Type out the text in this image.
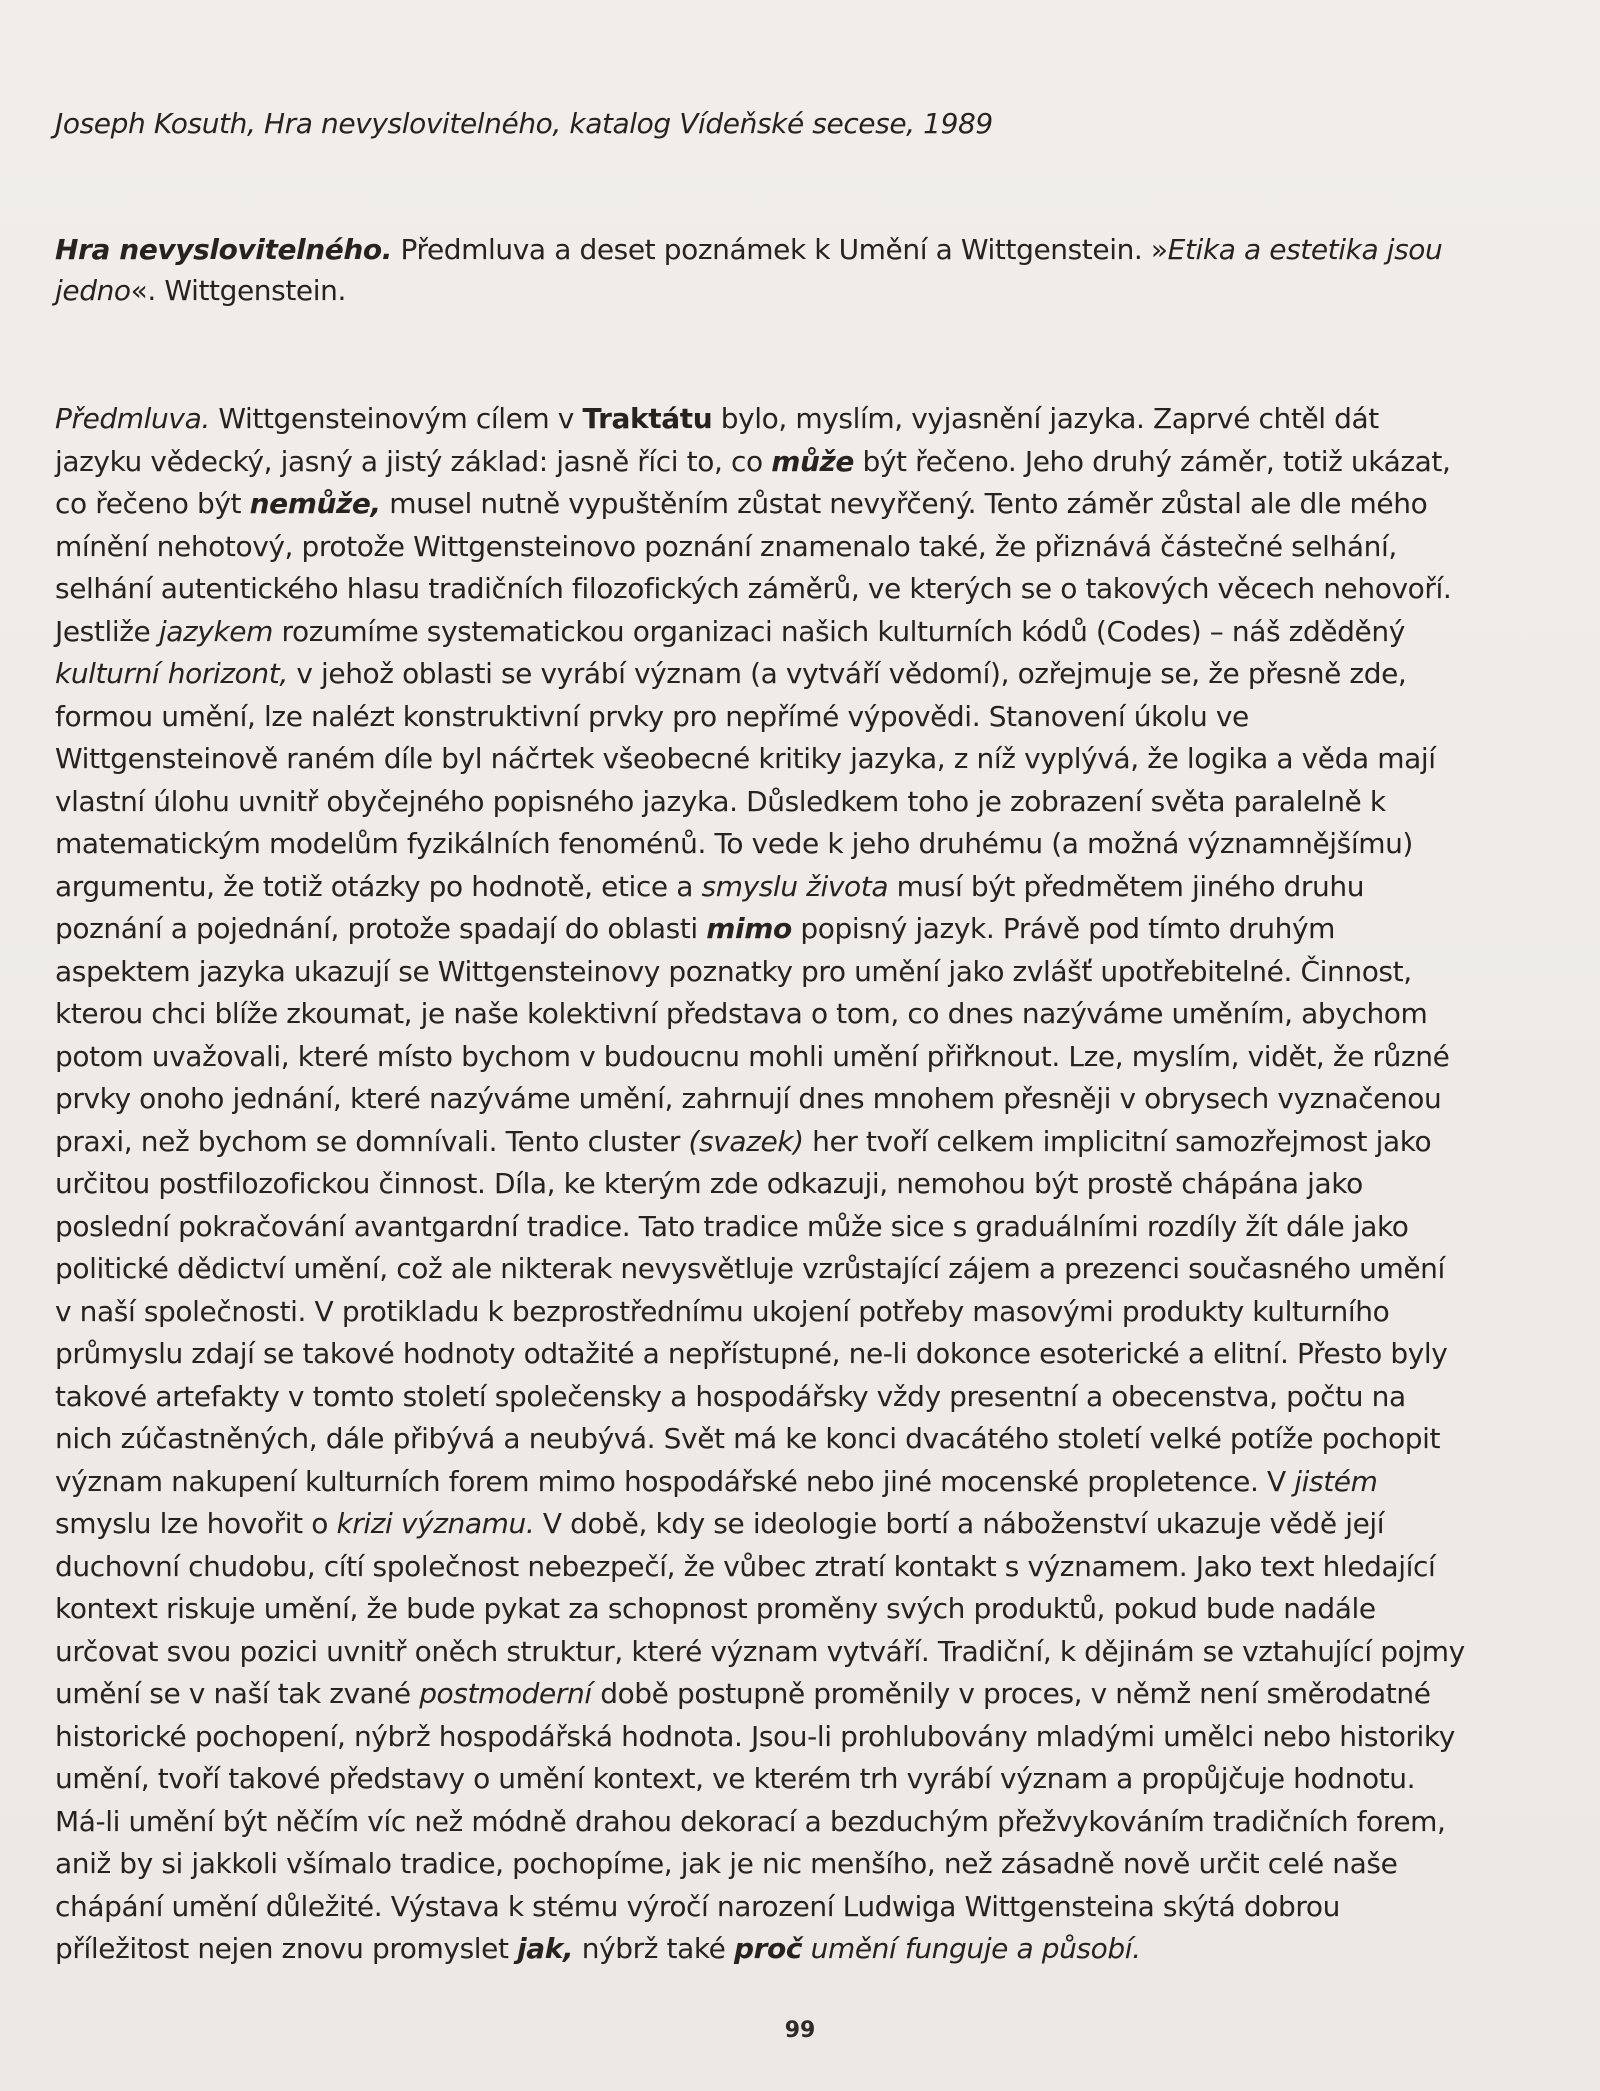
Joseph Kosuth, Hra nevyslovitelného, katalog Vídeňské secese, 1989
Hra nevyslovitelného. Předmluva a deset poznámek k Umění a Wittgenstein. »Etika a estetika jsou jedno«. Wittgenstein.
Předmluva. Wittgensteinovým cílem v Traktátu bylo, myslím, vyjasnění jazyka. Zaprvé chtěl dát jazyku vědecký, jasný a jistý základ: jasně říci to, co může být řečeno. Jeho druhý záměr, totiž ukázat, co řečeno být nemůže, musel nutně vypuštěním zůstat nevyřčený. Tento záměr zůstal ale dle mého mínění nehotový, protože Wittgensteinovo poznání znamenalo také, že přiznává částečné selhání, selhání autentického hlasu tradičních filozofických záměrů, ve kterých se o takových věcech nehovoří. Jestliže jazykem rozumíme systematickou organizaci našich kulturních kódů (Codes) – náš zděděný kulturní horizont, v jehož oblasti se vyrábí význam (a vytváří vědomí), ozřejmuje se, že přesně zde, formou umění, lze nalézt konstruktivní prvky pro nepřímé výpovědi. Stanovení úkolu ve Wittgensteinově raném díle byl náčrtek všeobecné kritiky jazyka, z níž vyplývá, že logika a věda mají vlastní úlohu uvnitř obyčejného popisného jazyka. Důsledkem toho je zobrazení světa paralelně k matematickým modelům fyzikálních fenoménů. To vede k jeho druhému (a možná významnějšímu) argumentu, že totiž otázky po hodnotě, etice a smyslu života musí být předmětem jiného druhu poznání a pojednání, protože spadají do oblasti mimo popisný jazyk. Právě pod tímto druhým aspektem jazyka ukazují se Wittgensteinovy poznatky pro umění jako zvlášť upotřebitelné. Činnost, kterou chci blíže zkoumat, je naše kolektivní představa o tom, co dnes nazýváme uměním, abychom potom uvažovali, které místo bychom v budoucnu mohli umění přiřknout. Lze, myslím, vidět, že různé prvky onoho jednání, které nazýváme umění, zahrnují dnes mnohem přesněji v obrysech vyznačenou praxi, než bychom se domnívali. Tento cluster (svazek) her tvoří celkem implicitní samozřejmost jako určitou postfilozofickou činnost. Díla, ke kterým zde odkazuji, nemohou být prostě chápána jako poslední pokračování avantgardní tradice. Tato tradice může sice s graduálními rozdíly žít dále jako politické dědictví umění, což ale nikterak nevysvětluje vzrůstající zájem a prezenci současného umění v naší společnosti. V protikladu k bezprostřednímu ukojení potřeby masovými produkty kulturního průmyslu zdají se takové hodnoty odtažité a nepřístupné, ne-li dokonce esoterické a elitní. Přesto byly takové artefakty v tomto století společensky a hospodářsky vždy presentní a obecenstva, počtu na nich zúčastněných, dále přibývá a neubývá. Svět má ke konci dvacátého století velké potíže pochopit význam nakupení kulturních forem mimo hospodářské nebo jiné mocenské propletence. V jistém smyslu lze hovořit o krizi významu. V době, kdy se ideologie bortí a náboženství ukazuje vědě její duchovní chudobu, cítí společnost nebezpečí, že vůbec ztratí kontakt s významem. Jako text hledající kontext riskuje umění, že bude pykat za schopnost proměny svých produktů, pokud bude nadále určovat svou pozici uvnitř oněch struktur, které význam vytváří. Tradiční, k dějinám se vztahující pojmy umění se v naší tak zvané postmoderní době postupně proměnily v proces, v němž není směrodatné historické pochopení, nýbrž hospodářská hodnota. Jsou-li prohlubovány mladými umělci nebo historiky umění, tvoří takové představy o umění kontext, ve kterém trh vyrábí význam a propůjčuje hodnotu. Má-li umění být něčím víc než módně drahou dekorací a bezduchým přežvykováním tradičních forem, aniž by si jakkoli všímalo tradice, pochopíme, jak je nic menšího, než zásadně nově určit celé naše chápání umění důležité. Výstava k stému výročí narození Ludwiga Wittgensteina skýtá dobrou příležitost nejen znovu promyslet jak, nýbrž také proč umění funguje a působí.
99
